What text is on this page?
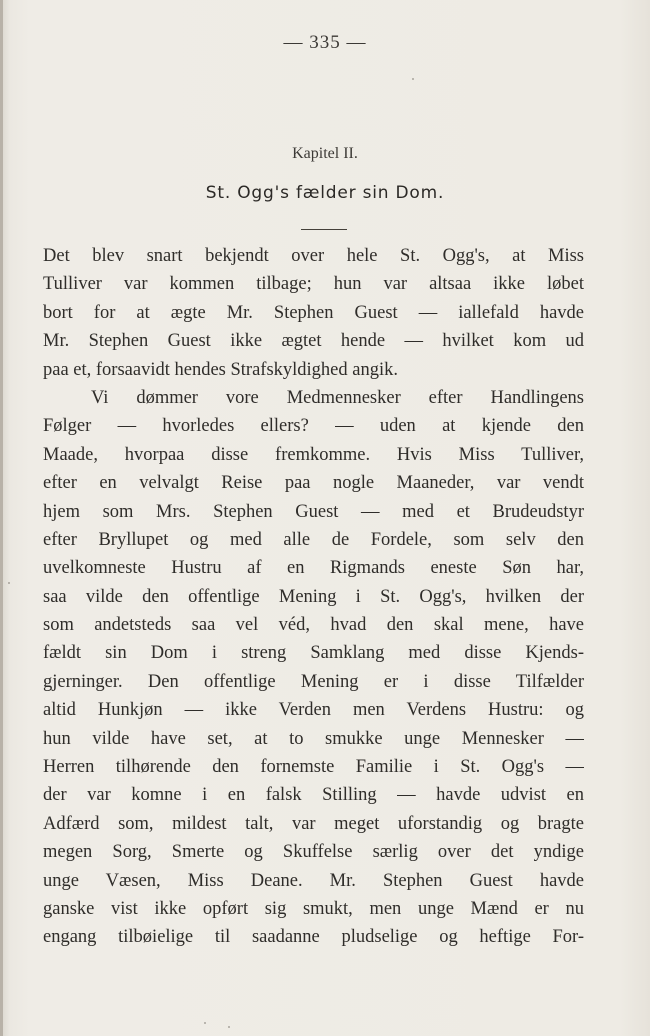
— 335 —
Kapitel II.
St. Ogg's fælder sin Dom.
Det blev snart bekjendt over hele St. Ogg's, at Miss
Tulliver var kommen tilbage; hun var altsaa ikke løbet
bort for at ægte Mr. Stephen Guest — iallefald havde
Mr. Stephen Guest ikke ægtet hende — hvilket kom ud
paa et, forsaavidt hendes Strafskyldighed angik.
Vi dømmer vore Medmennesker efter Handlingens
Følger — hvorledes ellers? — uden at kjende den
Maade, hvorpaa disse fremkomme. Hvis Miss Tulliver,
efter en velvalgt Reise paa nogle Maaneder, var vendt
hjem som Mrs. Stephen Guest — med et Brudeudstyr
efter Bryllupet og med alle de Fordele, som selv den
uvelkomneste Hustru af en Rigmands eneste Søn har,
saa vilde den offentlige Mening i St. Ogg's, hvilken der
som andetsteds saa vel véd, hvad den skal mene, have
fældt sin Dom i streng Samklang med disse Kjends-
gjerninger. Den offentlige Mening er i disse Tilfælder
altid Hunkjøn — ikke Verden men Verdens Hustru: og
hun vilde have set, at to smukke unge Mennesker —
Herren tilhørende den fornemste Familie i St. Ogg's —
der var komne i en falsk Stilling — havde udvist en
Adfærd som, mildest talt, var meget uforstandig og bragte
megen Sorg, Smerte og Skuffelse særlig over det yndige
unge Væsen, Miss Deane. Mr. Stephen Guest havde
ganske vist ikke opført sig smukt, men unge Mænd er nu
engang tilbøielige til saadanne pludselige og heftige For-
